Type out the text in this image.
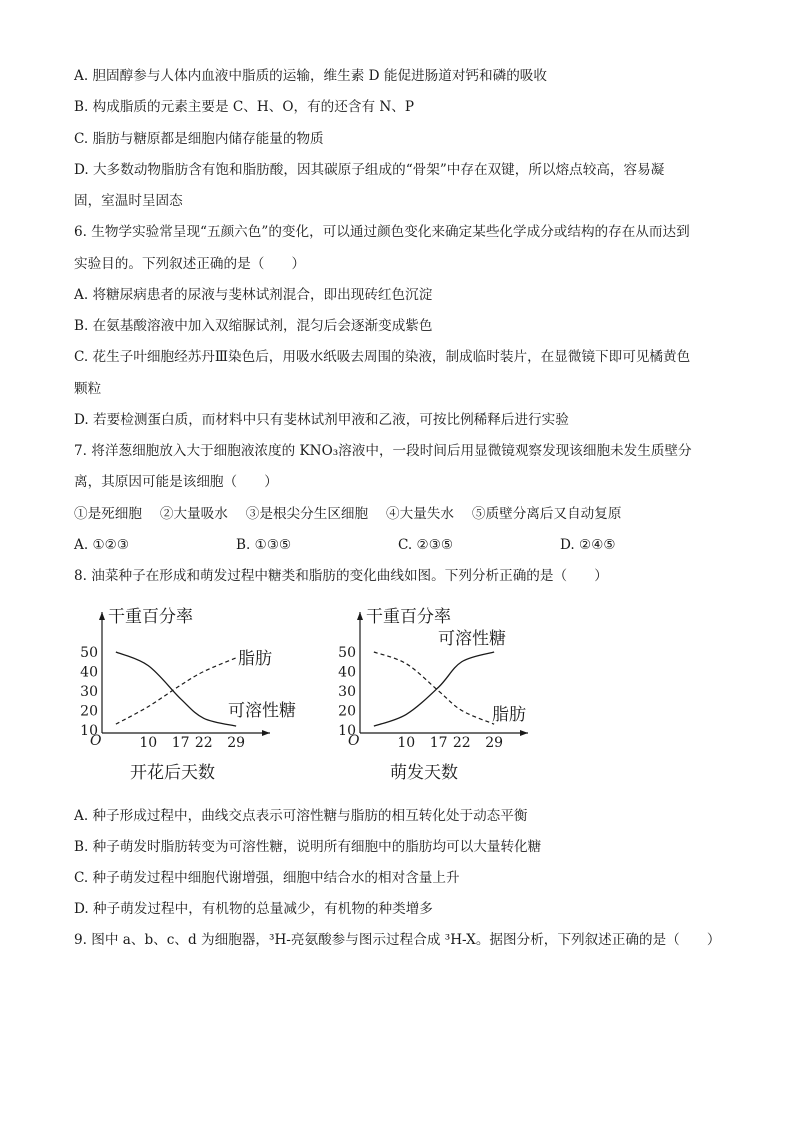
A. 胆固醇参与人体内血液中脂质的运输，维生素 D 能促进肠道对钙和磷的吸收
B. 构成脂质的元素主要是 C、H、O，有的还含有 N、P
C. 脂肪与糖原都是细胞内储存能量的物质
D. 大多数动物脂肪含有饱和脂肪酸，因其碳原子组成的“骨架”中存在双键，所以熔点较高，容易凝
固，室温时呈固态
6. 生物学实验常呈现“五颜六色”的变化，可以通过颜色变化来确定某些化学成分或结构的存在从而达到
实验目的。下列叙述正确的是（　　）
A. 将糖尿病患者的尿液与斐林试剂混合，即出现砖红色沉淀
B. 在氨基酸溶液中加入双缩脲试剂，混匀后会逐渐变成紫色
C. 花生子叶细胞经苏丹Ⅲ染色后，用吸水纸吸去周围的染液，制成临时装片，在显微镜下即可见橘黄色
颗粒
D. 若要检测蛋白质，而材料中只有斐林试剂甲液和乙液，可按比例稀释后进行实验
7. 将洋葱细胞放入大于细胞液浓度的 KNO₃溶液中，一段时间后用显微镜观察发现该细胞未发生质壁分
离，其原因可能是该细胞（　　）
①是死细胞　 ②大量吸水　 ③是根尖分生区细胞　 ④大量失水　 ⑤质壁分离后又自动复原
A. ①②③	B. ①③⑤	C. ②③⑤	D. ②④⑤
8. 油菜种子在形成和萌发过程中糖类和脂肪的变化曲线如图。下列分析正确的是（　　）
干重百分率
O
10
20
30
40
50
10 17 22 29
开花后天数
脂肪
可溶性糖
干重百分率
O
10
20
30
40
50
10 17 22 29
萌发天数
可溶性糖
脂肪
A. 种子形成过程中，曲线交点表示可溶性糖与脂肪的相互转化处于动态平衡
B. 种子萌发时脂肪转变为可溶性糖，说明所有细胞中的脂肪均可以大量转化糖
C. 种子萌发过程中细胞代谢增强，细胞中结合水的相对含量上升
D. 种子萌发过程中，有机物的总量减少，有机物的种类增多
9. 图中 a、b、c、d 为细胞器，³H-亮氨酸参与图示过程合成 ³H-X。据图分析，下列叙述正确的是（　　）
